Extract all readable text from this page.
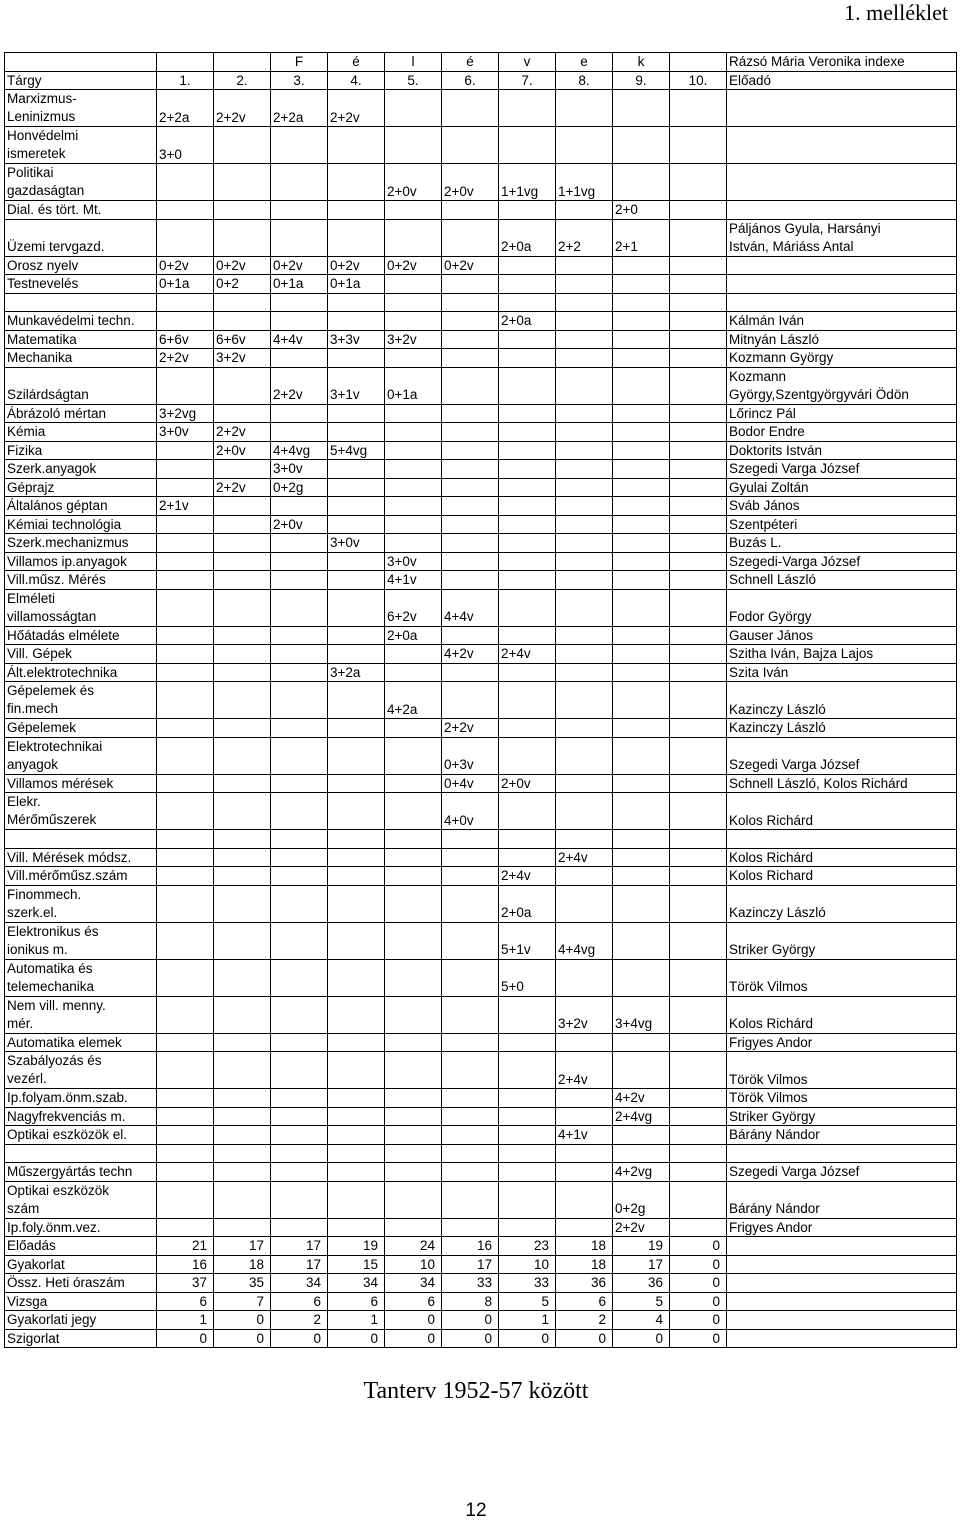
1. melléklet
			F	é	l	é	v	e	k		Rázsó Mária Veronika indexe
Tárgy	1.	2.	3.	4.	5.	6.	7.	8.	9.	10.	Előadó
Marxizmus-
Leninizmus	2+2a	2+2v	2+2a	2+2v							
Honvédelmi
ismeretek	3+0										
Politikai
gazdaságtan					2+0v	2+0v	1+1vg	1+1vg			
Dial. és tört. Mt.									2+0		
Üzemi tervgazd.							2+0a	2+2	2+1		Páljános Gyula, Harsányi
István, Máriáss Antal
Orosz nyelv	0+2v	0+2v	0+2v	0+2v	0+2v	0+2v					
Testnevelés	0+1a	0+2	0+1a	0+1a							

Munkavédelmi techn.							2+0a				Kálmán Iván
Matematika	6+6v	6+6v	4+4v	3+3v	3+2v						Mitnyán László
Mechanika	2+2v	3+2v									Kozmann György
Szilárdságtan			2+2v	3+1v	0+1a						Kozmann
György,Szentgyörgyvári Ödön
Ábrázoló mértan	3+2vg										Lőrincz Pál
Kémia	3+0v	2+2v									Bodor Endre
Fizika		2+0v	4+4vg	5+4vg							Doktorits István
Szerk.anyagok			3+0v								Szegedi Varga József
Géprajz		2+2v	0+2g								Gyulai Zoltán
Általános géptan	2+1v										Sváb János
Kémiai technológia			2+0v								Szentpéteri
Szerk.mechanizmus				3+0v							Buzás L.
Villamos ip.anyagok					3+0v						Szegedi-Varga József
Vill.műsz. Mérés					4+1v						Schnell László
Elméleti
villamosságtan					6+2v	4+4v					Fodor György
Hőátadás elmélete					2+0a						Gauser János
Vill. Gépek						4+2v	2+4v				Szitha Iván, Bajza Lajos
Ált.elektrotechnika				3+2a							Szita Iván
Gépelemek és
fin.mech					4+2a						Kazinczy László
Gépelemek						2+2v					Kazinczy László
Elektrotechnikai
anyagok						0+3v					Szegedi Varga József
Villamos mérések						0+4v	2+0v				Schnell László, Kolos Richárd
Elekr.
Mérőműszerek						4+0v					Kolos Richárd

Vill. Mérések módsz.								2+4v			Kolos Richárd
Vill.mérőműsz.szám							2+4v				Kolos Richard
Finommech.
szerk.el.							2+0a				Kazinczy László
Elektronikus és
ionikus m.							5+1v	4+4vg			Striker György
Automatika és
telemechanika							5+0				Török Vilmos
Nem vill. menny.
mér.								3+2v	3+4vg		Kolos Richárd
Automatika elemek											Frigyes Andor
Szabályozás és
vezérl.								2+4v			Török Vilmos
Ip.folyam.önm.szab.									4+2v		Török Vilmos
Nagyfrekvenciás m.									2+4vg		Striker György
Optikai eszközök el.								4+1v			Bárány Nándor

Műszergyártás techn									4+2vg		Szegedi Varga József
Optikai eszközök
szám									0+2g		Bárány Nándor
Ip.foly.önm.vez.									2+2v		Frigyes Andor
Előadás	21	17	17	19	24	16	23	18	19	0	
Gyakorlat	16	18	17	15	10	17	10	18	17	0	
Össz. Heti óraszám	37	35	34	34	34	33	33	36	36	0	
Vizsga	6	7	6	6	6	8	5	6	5	0	
Gyakorlati jegy	1	0	2	1	0	0	1	2	4	0	
Szigorlat	0	0	0	0	0	0	0	0	0	0	
Tanterv 1952-57 között
12
